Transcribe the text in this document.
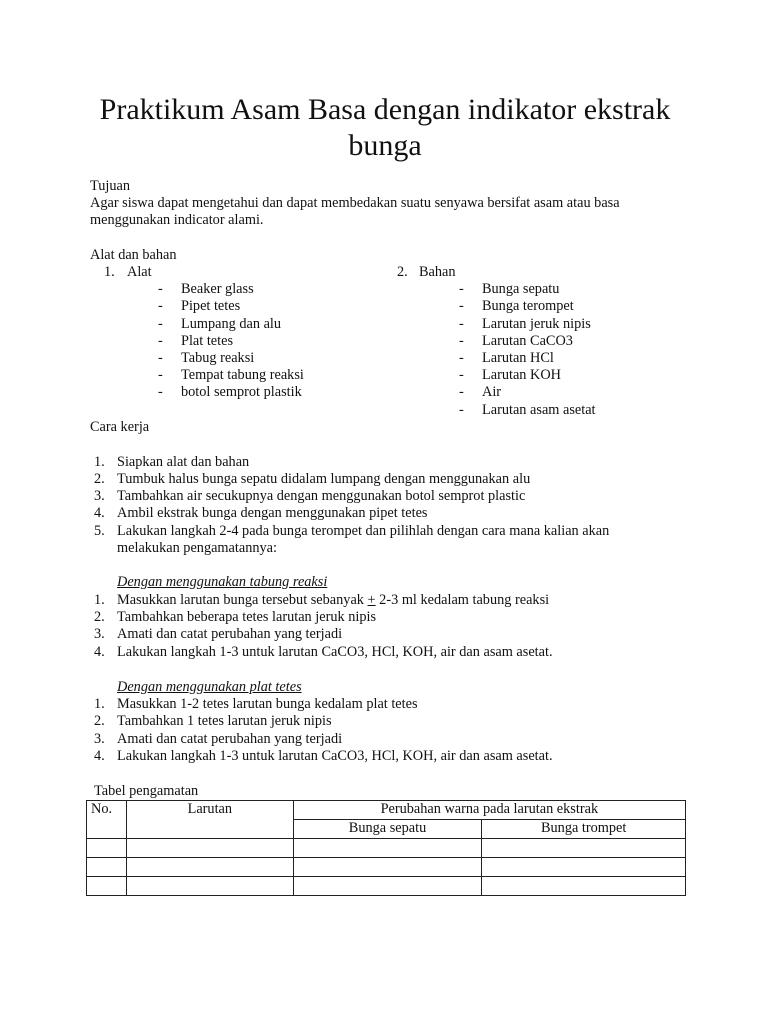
Praktikum Asam Basa dengan indikator ekstrak
bunga
Tujuan
Agar siswa dapat mengetahui dan dapat membedakan suatu senyawa bersifat asam atau basa
menggunakan indicator alami.
Alat dan bahan
1. Alat	2. Bahan
- Beaker glass
- Pipet tetes
- Lumpang dan alu
- Plat tetes
- Tabug reaksi
- Tempat tabung reaksi
- botol semprot plastik
- Bunga sepatu
- Bunga terompet
- Larutan jeruk nipis
- Larutan CaCO3
- Larutan HCl
- Larutan KOH
- Air
- Larutan asam asetat
Cara kerja
1. Siapkan alat dan bahan
2. Tumbuk halus bunga sepatu didalam lumpang dengan menggunakan alu
3. Tambahkan air secukupnya dengan menggunakan botol semprot plastic
4. Ambil ekstrak bunga dengan menggunakan pipet tetes
5. Lakukan langkah 2-4 pada bunga terompet dan pilihlah dengan cara mana kalian akan
melakukan pengamatannya:
Dengan menggunakan tabung reaksi
1. Masukkan larutan bunga tersebut sebanyak + 2-3 ml kedalam tabung reaksi
2. Tambahkan beberapa tetes larutan jeruk nipis
3. Amati dan catat perubahan yang terjadi
4. Lakukan langkah 1-3 untuk larutan CaCO3, HCl, KOH, air dan asam asetat.
Dengan menggunakan plat tetes
1. Masukkan 1-2 tetes larutan bunga kedalam plat tetes
2. Tambahkan 1 tetes larutan jeruk nipis
3. Amati dan catat perubahan yang terjadi
4. Lakukan langkah 1-3 untuk larutan CaCO3, HCl, KOH, air dan asam asetat.
Tabel pengamatan
No.	Larutan	Perubahan warna pada larutan ekstrak	
		Bunga sepatu	Bunga trompet
